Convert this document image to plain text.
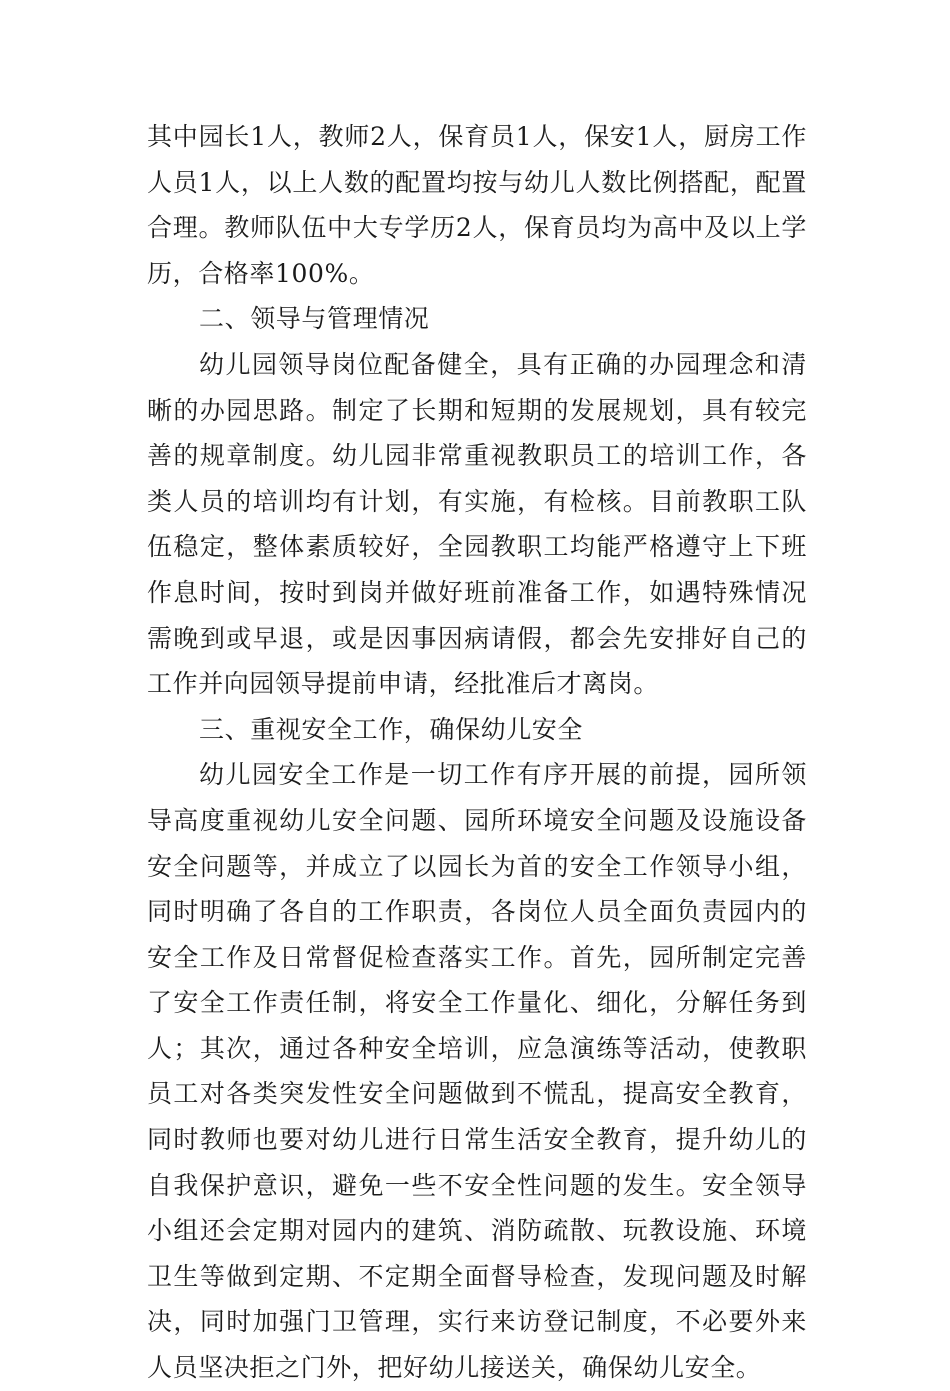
其中园长1人，教师2人，保育员1人，保安1人，厨房工作人员1人，以上人数的配置均按与幼儿人数比例搭配，配置合理。教师队伍中大专学历2人，保育员均为高中及以上学历，合格率100%。

二、领导与管理情况

幼儿园领导岗位配备健全，具有正确的办园理念和清晰的办园思路。制定了长期和短期的发展规划，具有较完善的规章制度。幼儿园非常重视教职员工的培训工作，各类人员的培训均有计划，有实施，有检核。目前教职工队伍稳定，整体素质较好，全园教职工均能严格遵守上下班作息时间，按时到岗并做好班前准备工作，如遇特殊情况需晚到或早退，或是因事因病请假，都会先安排好自己的工作并向园领导提前申请，经批准后才离岗。

三、重视安全工作，确保幼儿安全

幼儿园安全工作是一切工作有序开展的前提，园所领导高度重视幼儿安全问题、园所环境安全问题及设施设备安全问题等，并成立了以园长为首的安全工作领导小组，同时明确了各自的工作职责，各岗位人员全面负责园内的安全工作及日常督促检查落实工作。首先，园所制定完善了安全工作责任制，将安全工作量化、细化，分解任务到人；其次，通过各种安全培训，应急演练等活动，使教职员工对各类突发性安全问题做到不慌乱，提高安全教育，同时教师也要对幼儿进行日常生活安全教育，提升幼儿的自我保护意识，避免一些不安全性问题的发生。安全领导小组还会定期对园内的建筑、消防疏散、玩教设施、环境卫生等做到定期、不定期全面督导检查，发现问题及时解决，同时加强门卫管理，实行来访登记制度，不必要外来人员坚决拒之门外，把好幼儿接送关，确保幼儿安全。
